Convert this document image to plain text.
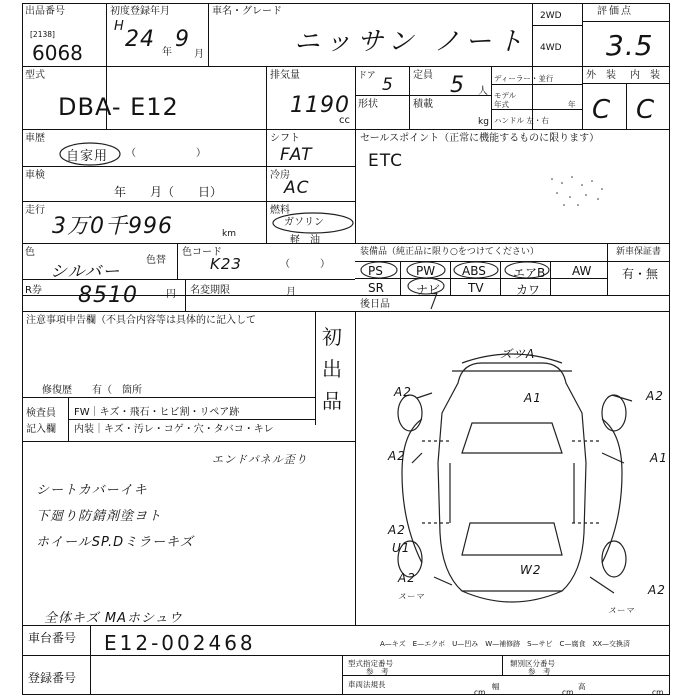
出品番号
[2138]
6068
初度登録年月
H
24
年
9
月
車名・グレード
ニッサン ノート
2WD
4WD
評価点
3.5
型式
DBA- E12
排気量
1190
cc
ドア 5 定員 5 人
形状	積載
kg
ディーラー・並行
モデル年式	年
ハンドル 左・右
外　装 内　装
C C
車歴
自家用 （　　　　　　）
シフト
FAT
車検
年　　月（　　日）
冷房
AC
走行
3万0千996	km
燃料
ガソリン
軽　油
（　　　）
セールスポイント（正常に機能するものに限ります）
ETC
色
シルバー
色替
色コード
K23
装備品（純正品に限り○をつけてください）	新車保証書
有・無
PS	PW ABS エアB AW
SR	ナビ TV	カワ
R券 8510	円 名変期限	月
後日品
注意事項申告欄（不具合内容等は具体的に記入して
初出品
修復歴　　有（　箇所
検査員
記入欄
FW｜キズ・飛石・ヒビ割・リペア跡
内装｜キズ・汚レ・コゲ・穴・タバコ・キレ
エンドパネル歪り
シートカバーイキ
下廻り防錆剤塗ヨト
ホイールSP.Dミラーキズ
全体キズ MAホシュウ
ズツA
A1
A2	A2
A2	A1
A2
U1
W2
A2
A2
スーマ
スーマ
A—キズ　E—エクボ　U—凹み　W—補修跡　S—サビ　C—腐食　XX—交換済
車台番号 E12-002468
登録番号
型式指定番号
参　考
類別区分番号
参　考
車両法規長
cm
幅
cm
高
cm
